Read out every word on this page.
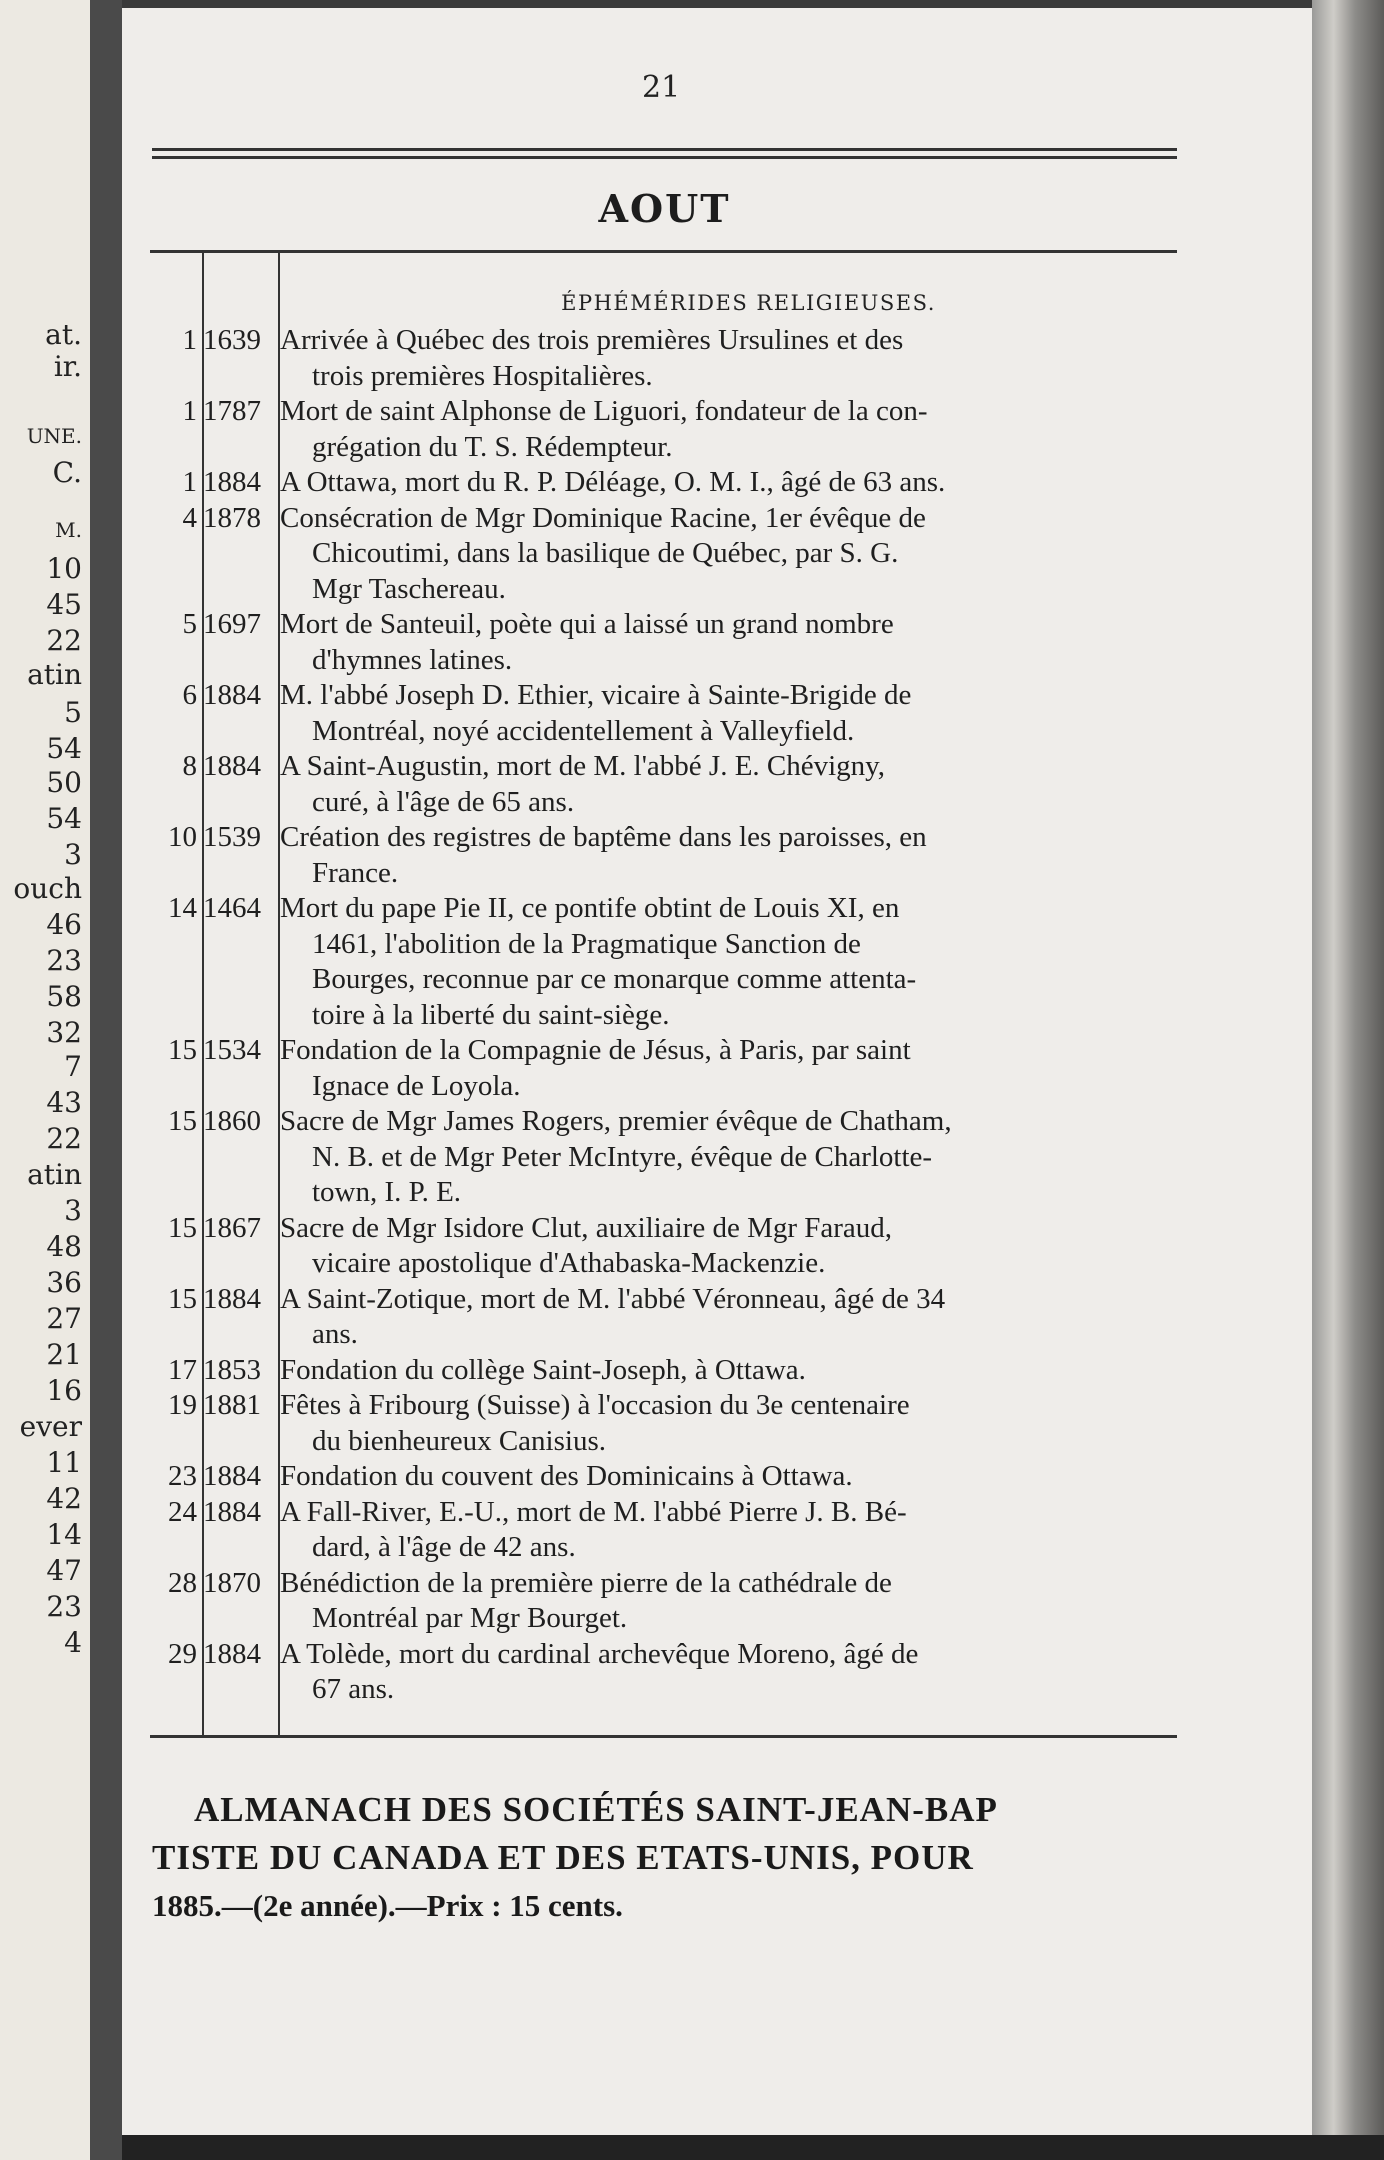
at.
ir.
UNE.
C.
M.
10
45
22
atin
5
54
50
54
3
ouch
46
23
58
32
7
43
22
atin
3
48
36
27
21
16
ever
11
42
14
47
23
4
21
AOUT
ÉPHÉMÉRIDES RELIGIEUSES.
1 1639 Arrivée à Québec des trois premières Ursulines et des
trois premières Hospitalières.
1 1787 Mort de saint Alphonse de Liguori, fondateur de la con-
grégation du T. S. Rédempteur.
1 1884 A Ottawa, mort du R. P. Déléage, O. M. I., âgé de 63 ans.
4 1878 Consécration de Mgr Dominique Racine, 1er évêque de
Chicoutimi, dans la basilique de Québec, par S. G.
Mgr Taschereau.
5 1697 Mort de Santeuil, poète qui a laissé un grand nombre
d'hymnes latines.
6 1884 M. l'abbé Joseph D. Ethier, vicaire à Sainte-Brigide de
Montréal, noyé accidentellement à Valleyfield.
8 1884 A Saint-Augustin, mort de M. l'abbé J. E. Chévigny,
curé, à l'âge de 65 ans.
10 1539 Création des registres de baptême dans les paroisses, en
France.
14 1464 Mort du pape Pie II, ce pontife obtint de Louis XI, en
1461, l'abolition de la Pragmatique Sanction de
Bourges, reconnue par ce monarque comme attenta-
toire à la liberté du saint-siège.
15 1534 Fondation de la Compagnie de Jésus, à Paris, par saint
Ignace de Loyola.
15 1860 Sacre de Mgr James Rogers, premier évêque de Chatham,
N. B. et de Mgr Peter McIntyre, évêque de Charlotte-
town, I. P. E.
15 1867 Sacre de Mgr Isidore Clut, auxiliaire de Mgr Faraud,
vicaire apostolique d'Athabaska-Mackenzie.
15 1884 A Saint-Zotique, mort de M. l'abbé Véronneau, âgé de 34
ans.
17 1853 Fondation du collège Saint-Joseph, à Ottawa.
19 1881 Fêtes à Fribourg (Suisse) à l'occasion du 3e centenaire
du bienheureux Canisius.
23 1884 Fondation du couvent des Dominicains à Ottawa.
24 1884 A Fall-River, E.-U., mort de M. l'abbé Pierre J. B. Bé-
dard, à l'âge de 42 ans.
28 1870 Bénédiction de la première pierre de la cathédrale de
Montréal par Mgr Bourget.
29 1884 A Tolède, mort du cardinal archevêque Moreno, âgé de
67 ans.
ALMANACH DES SOCIÉTÉS SAINT-JEAN-BAP
TISTE DU CANADA ET DES ETATS-UNIS, POUR
1885.—(2e année).—Prix : 15 cents.
